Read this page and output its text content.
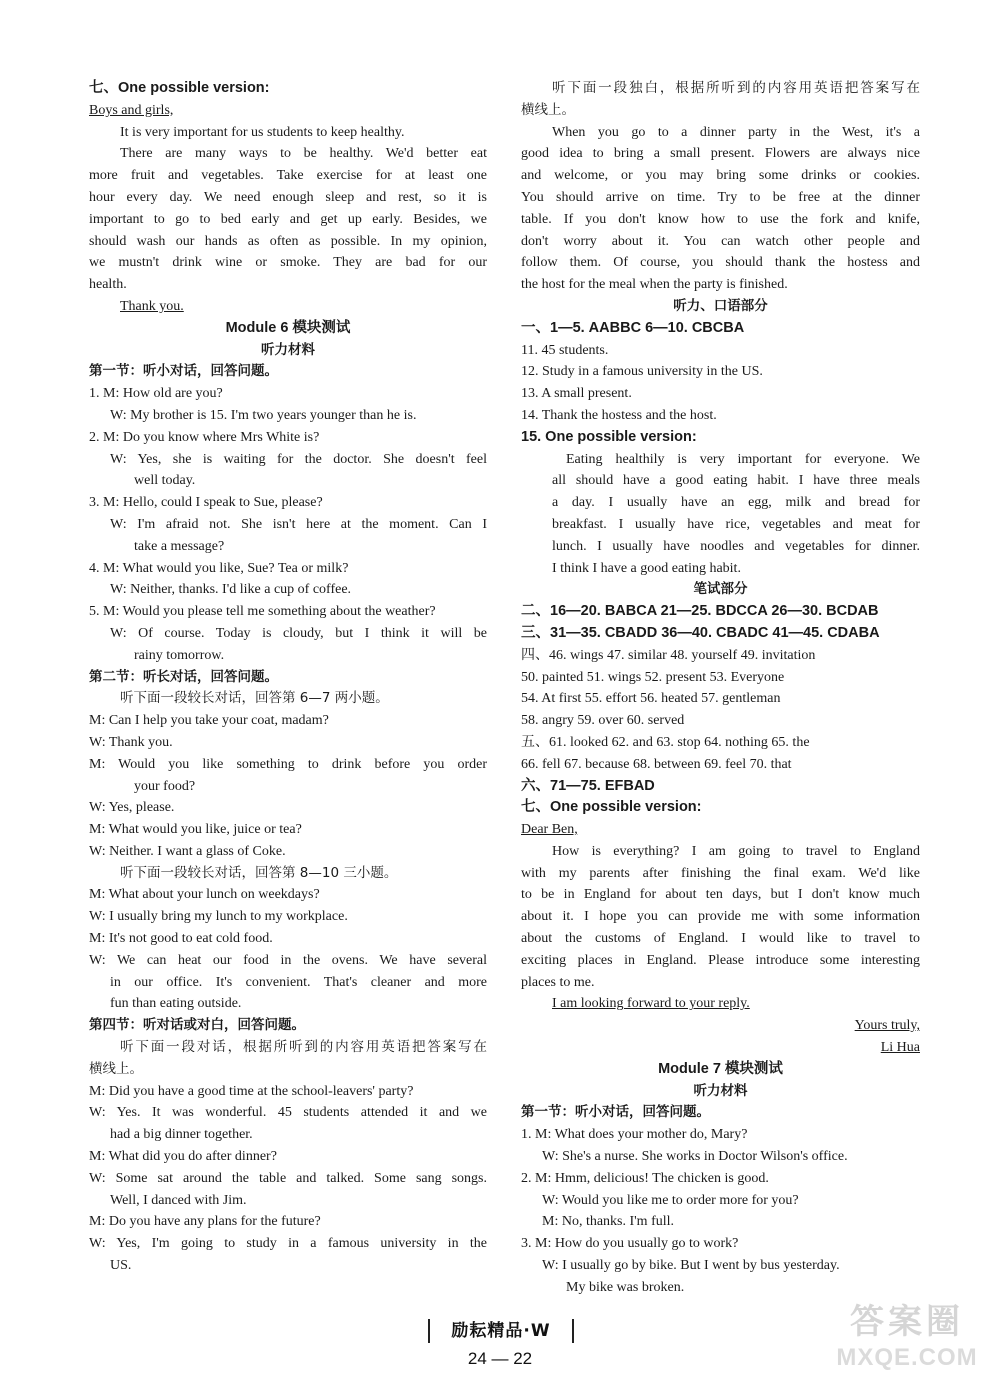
七、One possible version:
Boys and girls,
It is very important for us students to keep healthy.
There are many ways to be healthy. We'd better eat
more fruit and vegetables. Take exercise for at least one
hour every day. We need enough sleep and rest, so it is
important to go to bed early and get up early. Besides, we
should wash our hands as often as possible. In my opinion,
we mustn't drink wine or smoke. They are bad for our
health.
Thank you.
Module 6 模块测试
听力材料
第一节：听小对话，回答问题。
1. M: How old are you?
W: My brother is 15. I'm two years younger than he is.
2. M: Do you know where Mrs White is?
W: Yes, she is waiting for the doctor. She doesn't feel
well today.
3. M: Hello, could I speak to Sue, please?
W: I'm afraid not. She isn't here at the moment. Can I
take a message?
4. M: What would you like, Sue? Tea or milk?
W: Neither, thanks. I'd like a cup of coffee.
5. M: Would you please tell me something about the weather?
W: Of course. Today is cloudy, but I think it will be
rainy tomorrow.
第二节：听长对话，回答问题。
听下面一段较长对话，回答第 6—7 两小题。
M: Can I help you take your coat, madam?
W: Thank you.
M: Would you like something to drink before you order
your food?
W: Yes, please.
M: What would you like, juice or tea?
W: Neither. I want a glass of Coke.
听下面一段较长对话，回答第 8—10 三小题。
M: What about your lunch on weekdays?
W: I usually bring my lunch to my workplace.
M: It's not good to eat cold food.
W: We can heat our food in the ovens. We have several
in our office. It's convenient. That's cleaner and more
fun than eating outside.
第四节：听对话或对白，回答问题。
听下面一段对话，根据所听到的内容用英语把答案写在
横线上。
M: Did you have a good time at the school-leavers' party?
W: Yes. It was wonderful. 45 students attended it and we
had a big dinner together.
M: What did you do after dinner?
W: Some sat around the table and talked. Some sang songs.
Well, I danced with Jim.
M: Do you have any plans for the future?
W: Yes, I'm going to study in a famous university in the
US.
听下面一段独白，根据所听到的内容用英语把答案写在
横线上。
When you go to a dinner party in the West, it's a
good idea to bring a small present. Flowers are always nice
and welcome, or you may bring some drinks or cookies.
You should arrive on time. Try to be free at the dinner
table. If you don't know how to use the fork and knife,
don't worry about it. You can watch other people and
follow them. Of course, you should thank the hostess and
the host for the meal when the party is finished.
听力、口语部分
一、1—5. AABBC 6—10. CBCBA
11. 45 students.
12. Study in a famous university in the US.
13. A small present.
14. Thank the hostess and the host.
15. One possible version:
Eating healthily is very important for everyone. We
all should have a good eating habit. I have three meals
a day. I usually have an egg, milk and bread for
breakfast. I usually have rice, vegetables and meat for
lunch. I usually have noodles and vegetables for dinner.
I think I have a good eating habit.
笔试部分
二、16—20. BABCA 21—25. BDCCA 26—30. BCDAB
三、31—35. CBADD 36—40. CBADC 41—45. CDABA
四、46. wings 47. similar 48. yourself 49. invitation
50. painted 51. wings 52. present 53. Everyone
54. At first 55. effort 56. heated 57. gentleman
58. angry 59. over 60. served
五、61. looked 62. and 63. stop 64. nothing 65. the
66. fell 67. because 68. between 69. feel 70. that
六、71—75. EFBAD
七、One possible version:
Dear Ben,
How is everything? I am going to travel to England
with my parents after finishing the final exam. We'd like
to be in England for about ten days, but I don't know much
about it. I hope you can provide me with some information
about the customs of England. I would like to travel to
exciting places in England. Please introduce some interesting
places to me.
I am looking forward to your reply.
Yours truly,
Li Hua
Module 7 模块测试
听力材料
第一节：听小对话，回答问题。
1. M: What does your mother do, Mary?
W: She's a nurse. She works in Doctor Wilson's office.
2. M: Hmm, delicious! The chicken is good.
W: Would you like me to order more for you?
M: No, thanks. I'm full.
3. M: How do you usually go to work?
W: I usually go by bike. But I went by bus yesterday.
My bike was broken.
励耘精品·W
24 — 22
答案圈
MXQE.COM
